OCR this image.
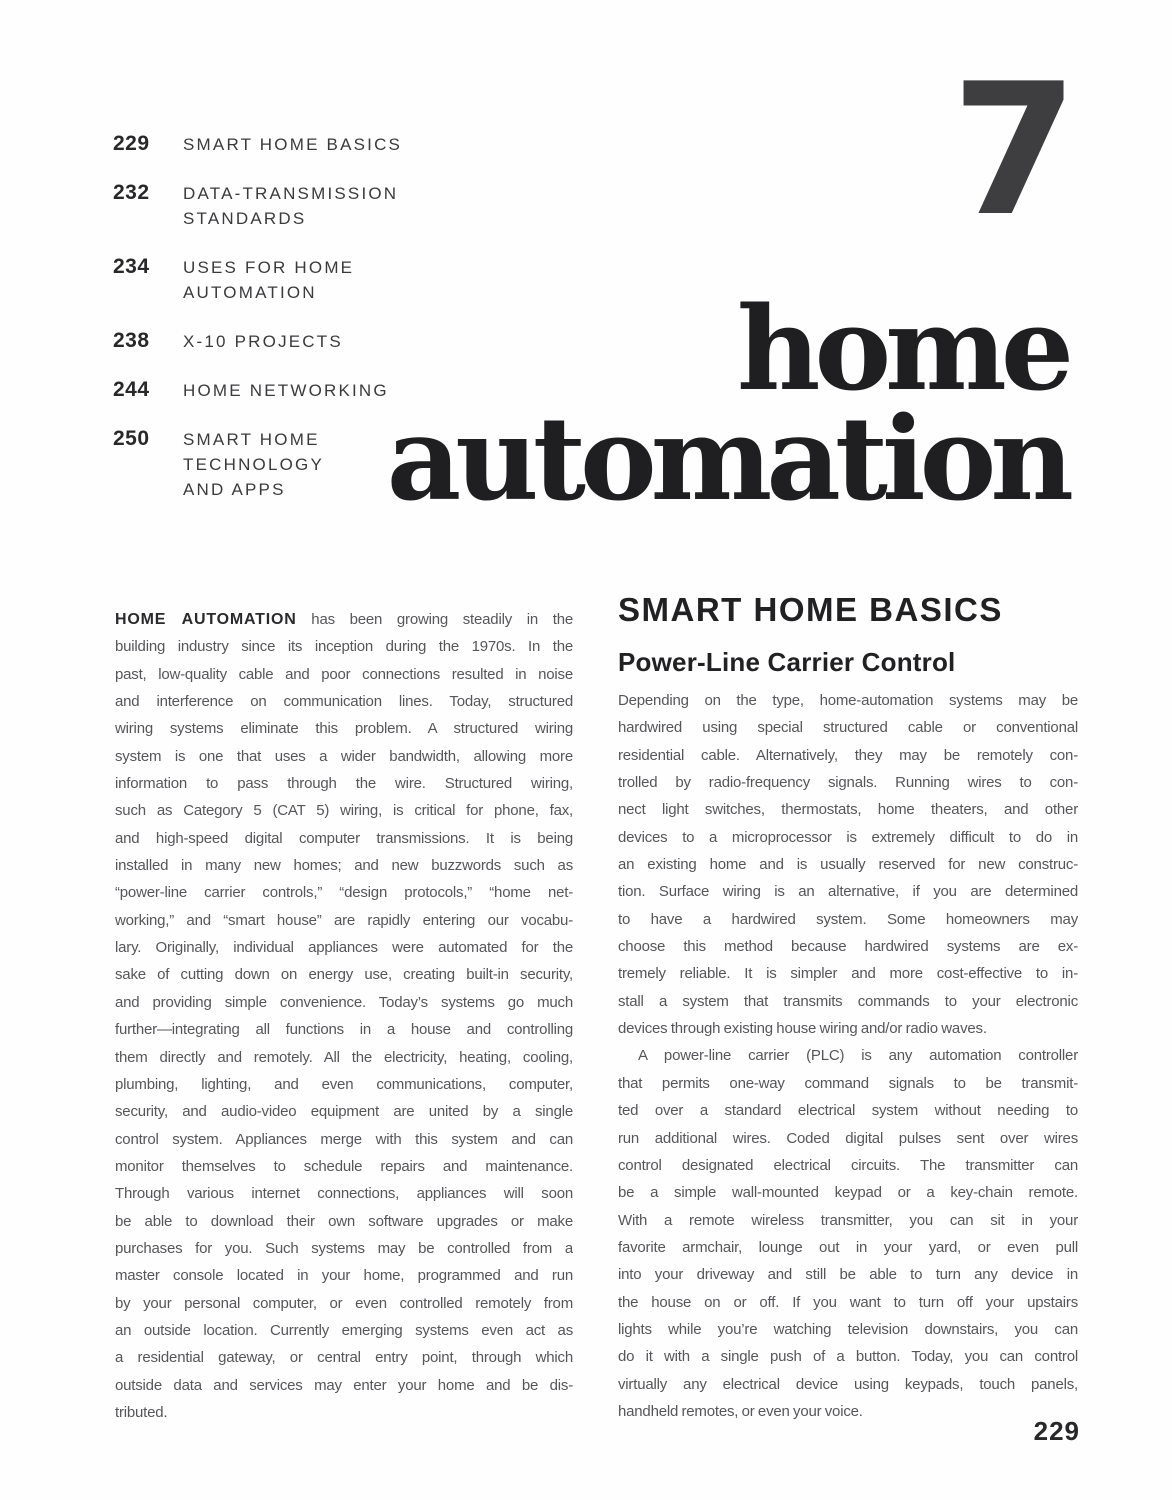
229	SMART HOME BASICS
232	DATA-TRANSMISSION
STANDARDS
234	USES FOR HOME
AUTOMATION
238	X-10 PROJECTS
244	HOME NETWORKING
250	SMART HOME
TECHNOLOGY
AND APPS
7
home
automation
HOME AUTOMATION has been growing steadily in the
building industry since its inception during the 1970s. In the
past, low-quality cable and poor connections resulted in noise
and interference on communication lines. Today, structured
wiring systems eliminate this problem. A structured wiring
system is one that uses a wider bandwidth, allowing more
information to pass through the wire. Structured wiring,
such as Category 5 (CAT 5) wiring, is critical for phone, fax,
and high-speed digital computer transmissions. It is being
installed in many new homes; and new buzzwords such as
“power-line carrier controls,” “design protocols,” “home net-
working,” and “smart house” are rapidly entering our vocabu-
lary. Originally, individual appliances were automated for the
sake of cutting down on energy use, creating built-in security,
and providing simple convenience. Today’s systems go much
further—integrating all functions in a house and controlling
them directly and remotely. All the electricity, heating, cooling,
plumbing, lighting, and even communications, computer,
security, and audio-video equipment are united by a single
control system. Appliances merge with this system and can
monitor themselves to schedule repairs and maintenance.
Through various internet connections, appliances will soon
be able to download their own software upgrades or make
purchases for you. Such systems may be controlled from a
master console located in your home, programmed and run
by your personal computer, or even controlled remotely from
an outside location. Currently emerging systems even act as
a residential gateway, or central entry point, through which
outside data and services may enter your home and be dis-
tributed.
SMART HOME BASICS
Power-Line Carrier Control
Depending on the type, home-automation systems may be
hardwired using special structured cable or conventional
residential cable. Alternatively, they may be remotely con-
trolled by radio-frequency signals. Running wires to con-
nect light switches, thermostats, home theaters, and other
devices to a microprocessor is extremely difficult to do in
an existing home and is usually reserved for new construc-
tion. Surface wiring is an alternative, if you are determined
to have a hardwired system. Some homeowners may
choose this method because hardwired systems are ex-
tremely reliable. It is simpler and more cost-effective to in-
stall a system that transmits commands to your electronic
devices through existing house wiring and/or radio waves.
A power-line carrier (PLC) is any automation controller
that permits one-way command signals to be transmit-
ted over a standard electrical system without needing to
run additional wires. Coded digital pulses sent over wires
control designated electrical circuits. The transmitter can
be a simple wall-mounted keypad or a key-chain remote.
With a remote wireless transmitter, you can sit in your
favorite armchair, lounge out in your yard, or even pull
into your driveway and still be able to turn any device in
the house on or off. If you want to turn off your upstairs
lights while you’re watching television downstairs, you can
do it with a single push of a button. Today, you can control
virtually any electrical device using keypads, touch panels,
handheld remotes, or even your voice.
229
